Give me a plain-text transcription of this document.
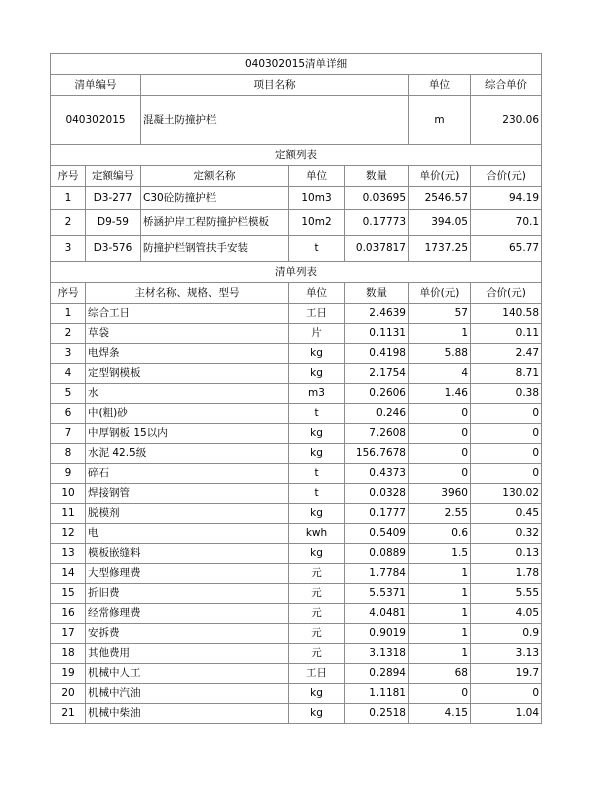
040302015清单详细						
清单编号		项目名称			单位	综合单价
040302015		混凝土防撞护栏			m	230.06
定额列表						
序号	定额编号	定额名称	单位	数量	单价(元)	合价(元)
1	D3-277	C30砼防撞护栏	10m3	0.03695	2546.57	94.19
2	D9-59	桥涵护岸工程防撞护栏模板	10m2	0.17773	394.05	70.1
3	D3-576	防撞护栏钢管扶手安装	t	0.037817	1737.25	65.77
清单列表						
序号	主材名称、规格、型号		单位	数量	单价(元)	合价(元)
1	综合工日		工日	2.4639	57	140.58
2	草袋		片	0.1131	1	0.11
3	电焊条		kg	0.4198	5.88	2.47
4	定型钢模板		kg	2.1754	4	8.71
5	水		m3	0.2606	1.46	0.38
6	中(粗)砂		t	0.246	0	0
7	中厚钢板 15以内		kg	7.2608	0	0
8	水泥 42.5级		kg	156.7678	0	0
9	碎石		t	0.4373	0	0
10	焊接钢管		t	0.0328	3960	130.02
11	脱模剂		kg	0.1777	2.55	0.45
12	电		kwh	0.5409	0.6	0.32
13	模板嵌缝料		kg	0.0889	1.5	0.13
14	大型修理费		元	1.7784	1	1.78
15	折旧费		元	5.5371	1	5.55
16	经常修理费		元	4.0481	1	4.05
17	安拆费		元	0.9019	1	0.9
18	其他费用		元	3.1318	1	3.13
19	机械中人工		工日	0.2894	68	19.7
20	机械中汽油		kg	1.1181	0	0
21	机械中柴油		kg	0.2518	4.15	1.04
